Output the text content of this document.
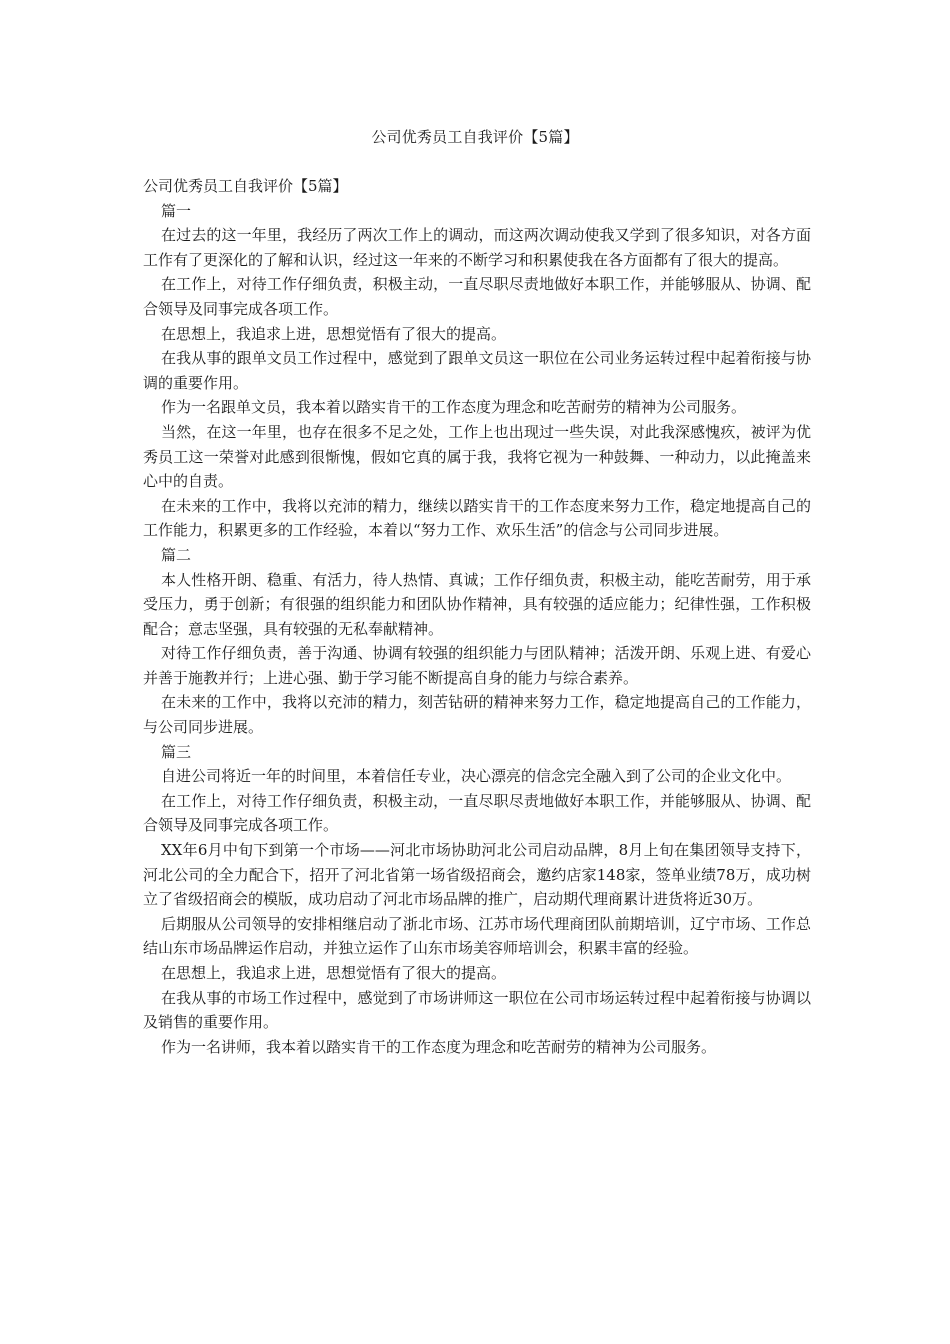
公司优秀员工自我评价【5篇】

公司优秀员工自我评价【5篇】

篇一

在过去的这一年里，我经历了两次工作上的调动，而这两次调动使我又学到了很多知识，对各方面工作有了更深化的了解和认识，经过这一年来的不断学习和积累使我在各方面都有了很大的提高。

在工作上，对待工作仔细负责，积极主动，一直尽职尽责地做好本职工作，并能够服从、协调、配合领导及同事完成各项工作。

在思想上，我追求上进，思想觉悟有了很大的提高。

在我从事的跟单文员工作过程中，感觉到了跟单文员这一职位在公司业务运转过程中起着衔接与协调的重要作用。

作为一名跟单文员，我本着以踏实肯干的工作态度为理念和吃苦耐劳的精神为公司服务。

当然，在这一年里，也存在很多不足之处，工作上也出现过一些失误，对此我深感愧疚，被评为优秀员工这一荣誉对此感到很惭愧，假如它真的属于我，我将它视为一种鼓舞、一种动力，以此掩盖来心中的自责。

在未来的工作中，我将以充沛的精力，继续以踏实肯干的工作态度来努力工作，稳定地提高自己的工作能力，积累更多的工作经验，本着以“努力工作、欢乐生活”的信念与公司同步进展。

篇二

本人性格开朗、稳重、有活力，待人热情、真诚；工作仔细负责，积极主动，能吃苦耐劳，用于承受压力，勇于创新；有很强的组织能力和团队协作精神，具有较强的适应能力；纪律性强，工作积极配合；意志坚强，具有较强的无私奉献精神。

对待工作仔细负责，善于沟通、协调有较强的组织能力与团队精神；活泼开朗、乐观上进、有爱心并善于施教并行；上进心强、勤于学习能不断提高自身的能力与综合素养。

在未来的工作中，我将以充沛的精力，刻苦钻研的精神来努力工作，稳定地提高自己的工作能力，与公司同步进展。

篇三

自进公司将近一年的时间里，本着信任专业，决心漂亮的信念完全融入到了公司的企业文化中。

在工作上，对待工作仔细负责，积极主动，一直尽职尽责地做好本职工作，并能够服从、协调、配合领导及同事完成各项工作。

XX年6月中旬下到第一个市场——河北市场协助河北公司启动品牌，8月上旬在集团领导支持下，河北公司的全力配合下，招开了河北省第一场省级招商会，邀约店家148家，签单业绩78万，成功树立了省级招商会的模版，成功启动了河北市场品牌的推广，启动期代理商累计进货将近30万。

后期服从公司领导的安排相继启动了浙北市场、江苏市场代理商团队前期培训，辽宁市场、工作总结山东市场品牌运作启动，并独立运作了山东市场美容师培训会，积累丰富的经验。

在思想上，我追求上进，思想觉悟有了很大的提高。

在我从事的市场工作过程中，感觉到了市场讲师这一职位在公司市场运转过程中起着衔接与协调以及销售的重要作用。

作为一名讲师，我本着以踏实肯干的工作态度为理念和吃苦耐劳的精神为公司服务。
